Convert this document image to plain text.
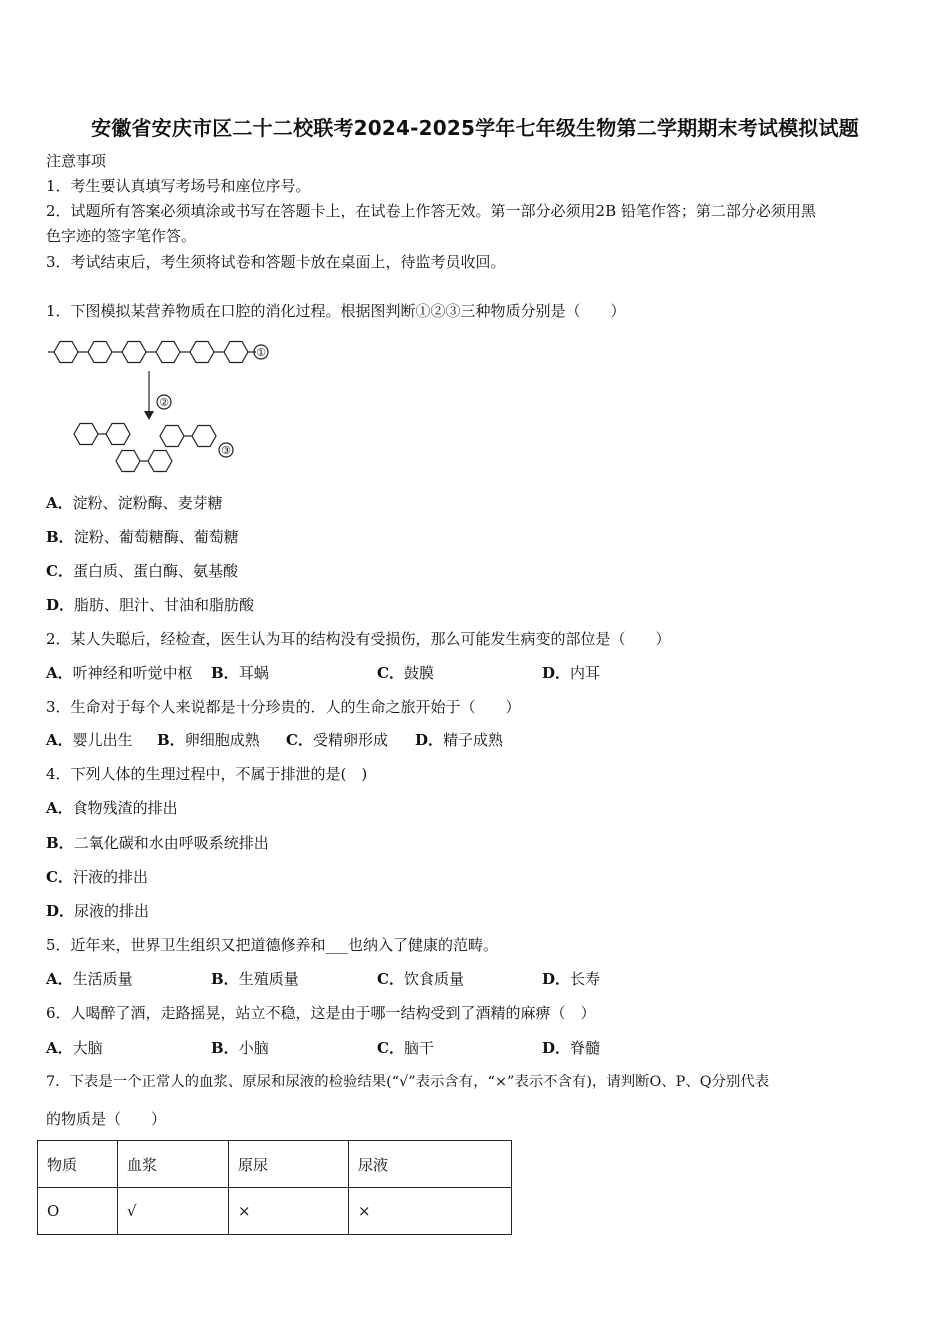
安徽省安庆市区二十二校联考2024-2025学年七年级生物第二学期期末考试模拟试题
注意事项
1．考生要认真填写考场号和座位序号。
2．试题所有答案必须填涂或书写在答题卡上，在试卷上作答无效。第一部分必须用2B 铅笔作答；第二部分必须用黑
色字迹的签字笔作答。
3．考试结束后，考生须将试卷和答题卡放在桌面上，待监考员收回。
1．下图模拟某营养物质在口腔的消化过程。根据图判断①②③三种物质分别是（　　）
①
②
③
A．淀粉、淀粉酶、麦芽糖
B．淀粉、葡萄糖酶、葡萄糖
C．蛋白质、蛋白酶、氨基酸
D．脂肪、胆汁、甘油和脂肪酸
2．某人失聪后，经检查，医生认为耳的结构没有受损伤，那么可能发生病变的部位是（　　）
A．听神经和听觉中枢 B．耳蜗	C．鼓膜	D．内耳
3．生命对于每个人来说都是十分珍贵的．人的生命之旅开始于（　　）
A．婴儿出生 B．卵细胞成熟 C．受精卵形成 D．精子成熟
4．下列人体的生理过程中，不属于排泄的是(　)
A．食物残渣的排出
B．二氧化碳和水由呼吸系统排出
C．汗液的排出
D．尿液的排出
5．近年来，世界卫生组织又把道德修养和___也纳入了健康的范畴。
A．生活质量	B．生殖质量	C．饮食质量	D．长寿
6．人喝醉了酒，走路摇晃，站立不稳，这是由于哪一结构受到了酒精的麻痹（　）
A．大脑	B．小脑	C．脑干	D．脊髓
7．下表是一个正常人的血浆、原尿和尿液的检验结果(“√”表示含有，“×”表示不含有)，请判断O、P、Q分别代表
的物质是（　　）
物质	血浆	原尿	尿液
O	√	×	×
